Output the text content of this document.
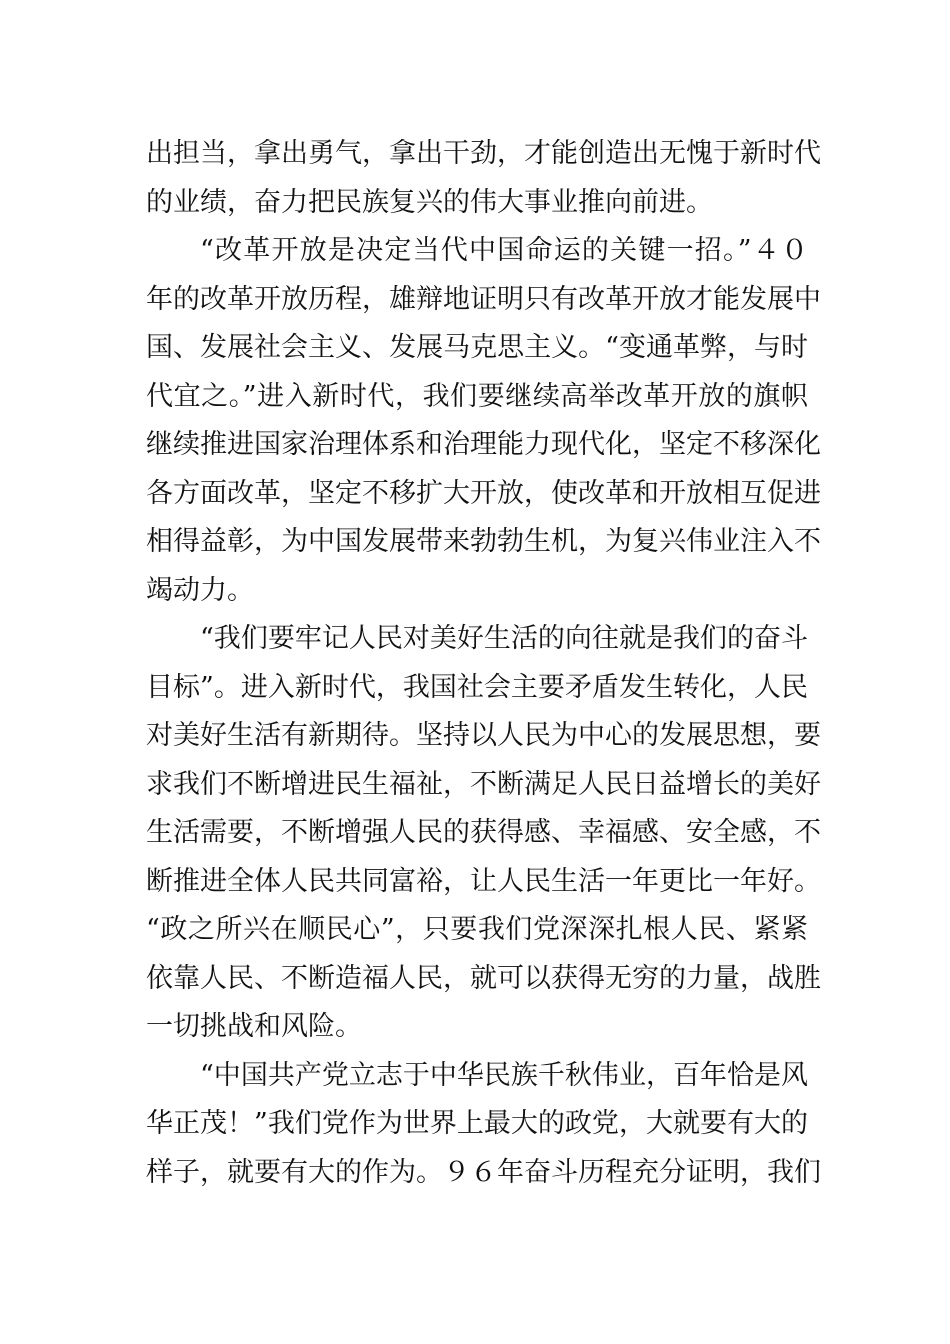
出担当，拿出勇气，拿出干劲，才能创造出无愧于新时代
的业绩，奋力把民族复兴的伟大事业推向前进。
“改革开放是决定当代中国命运的关键一招。”４０
年的改革开放历程，雄辩地证明只有改革开放才能发展中
国、发展社会主义、发展马克思主义。“变通革弊，与时
代宜之。”进入新时代，我们要继续高举改革开放的旗帜
继续推进国家治理体系和治理能力现代化，坚定不移深化
各方面改革，坚定不移扩大开放，使改革和开放相互促进
相得益彰，为中国发展带来勃勃生机，为复兴伟业注入不
竭动力。
“我们要牢记人民对美好生活的向往就是我们的奋斗
目标”。进入新时代，我国社会主要矛盾发生转化，人民
对美好生活有新期待。坚持以人民为中心的发展思想，要
求我们不断增进民生福祉，不断满足人民日益增长的美好
生活需要，不断增强人民的获得感、幸福感、安全感，不
断推进全体人民共同富裕，让人民生活一年更比一年好。
“政之所兴在顺民心”，只要我们党深深扎根人民、紧紧
依靠人民、不断造福人民，就可以获得无穷的力量，战胜
一切挑战和风险。
“中国共产党立志于中华民族千秋伟业，百年恰是风
华正茂！”我们党作为世界上最大的政党，大就要有大的
样子，就要有大的作为。９６年奋斗历程充分证明，我们
